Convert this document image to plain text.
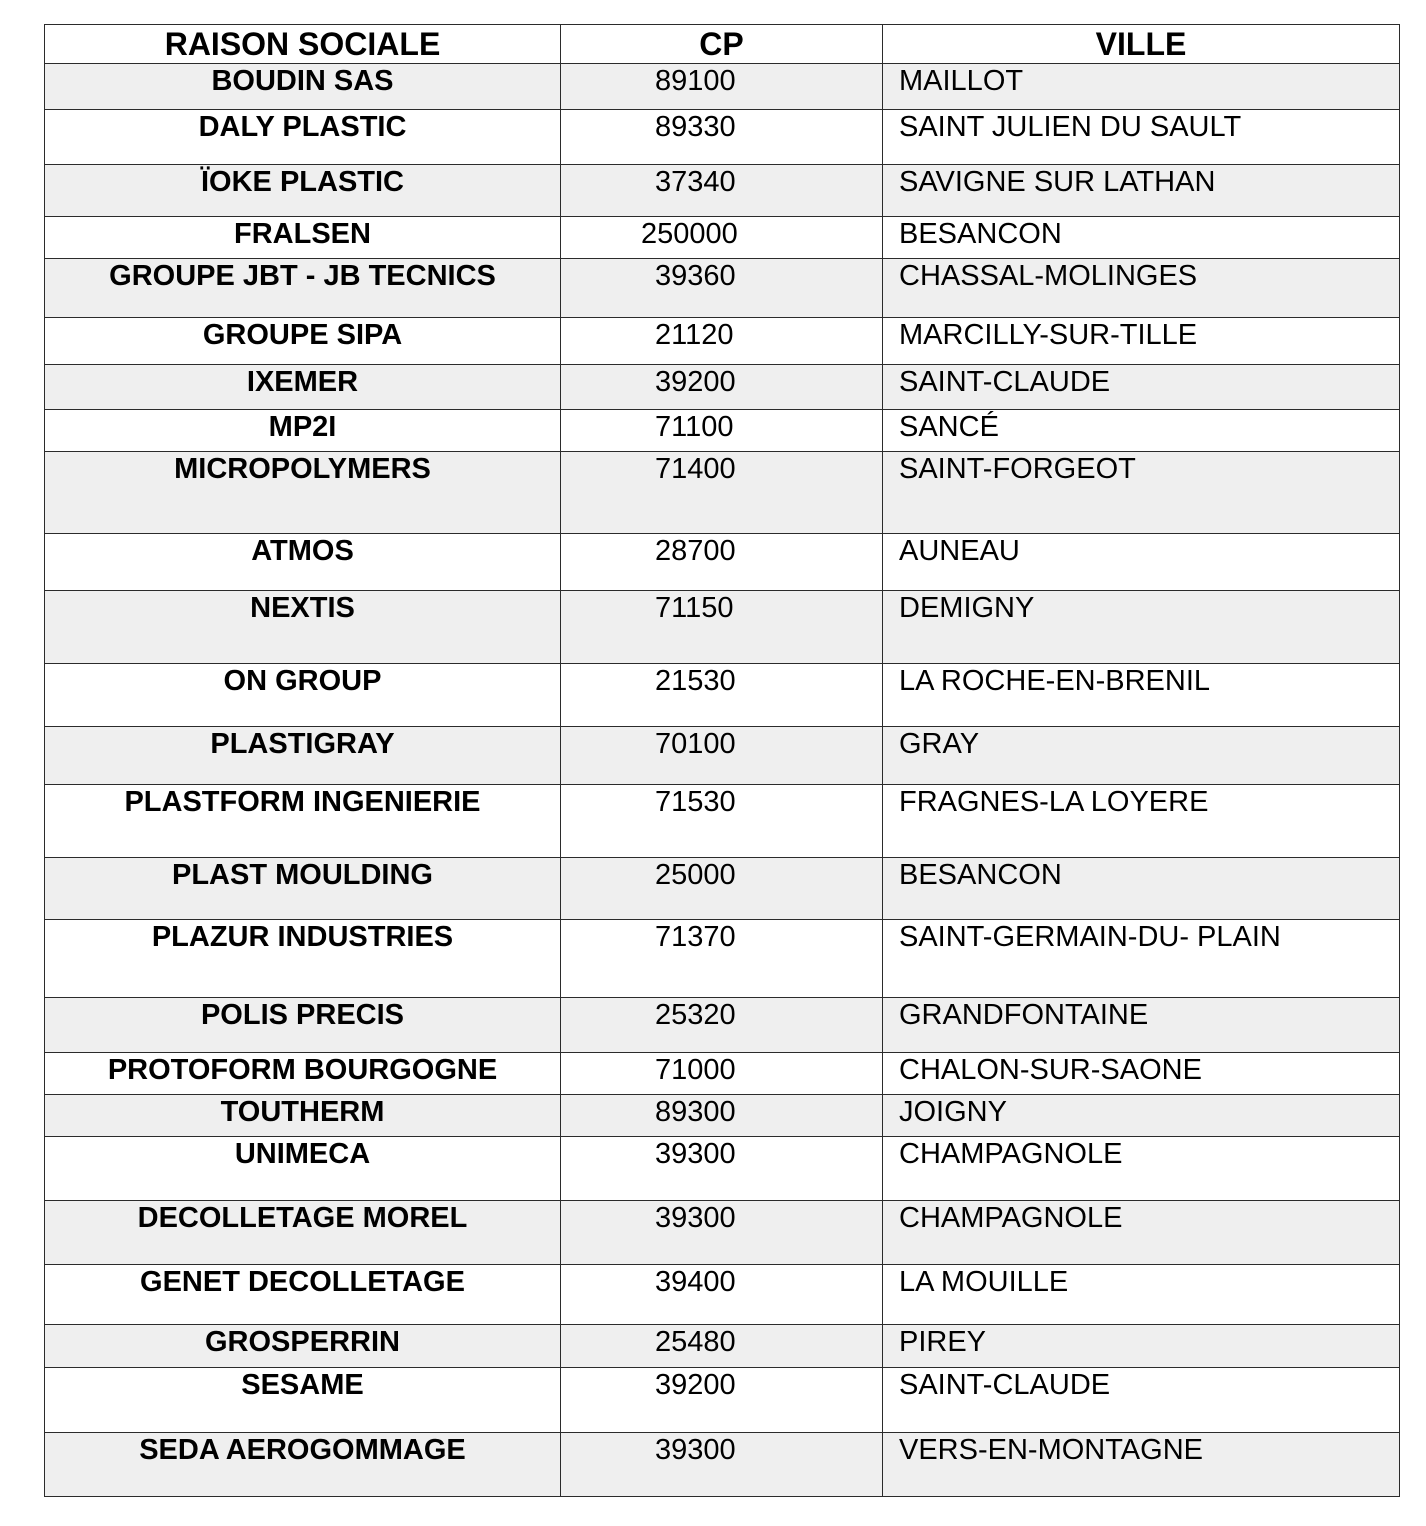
RAISON SOCIALE	CP	VILLE
BOUDIN SAS	89100	MAILLOT
DALY PLASTIC	89330	SAINT JULIEN DU SAULT
ÏOKE PLASTIC	37340	SAVIGNE SUR LATHAN
FRALSEN	250000	BESANCON
GROUPE JBT - JB TECNICS	39360	CHASSAL-MOLINGES
GROUPE SIPA	21120	MARCILLY-SUR-TILLE
IXEMER	39200	SAINT-CLAUDE
MP2I	71100	SANCÉ
MICROPOLYMERS	71400	SAINT-FORGEOT
ATMOS	28700	AUNEAU
NEXTIS	71150	DEMIGNY
ON GROUP	21530	LA ROCHE-EN-BRENIL
PLASTIGRAY	70100	GRAY
PLASTFORM INGENIERIE	71530	FRAGNES-LA LOYERE
PLAST MOULDING	25000	BESANCON
PLAZUR INDUSTRIES	71370	SAINT-GERMAIN-DU- PLAIN
POLIS PRECIS	25320	GRANDFONTAINE
PROTOFORM BOURGOGNE	71000	CHALON-SUR-SAONE
TOUTHERM	89300	JOIGNY
UNIMECA	39300	CHAMPAGNOLE
DECOLLETAGE MOREL	39300	CHAMPAGNOLE
GENET DECOLLETAGE	39400	LA MOUILLE
GROSPERRIN	25480	PIREY
SESAME	39200	SAINT-CLAUDE
SEDA AEROGOMMAGE	39300	VERS-EN-MONTAGNE
